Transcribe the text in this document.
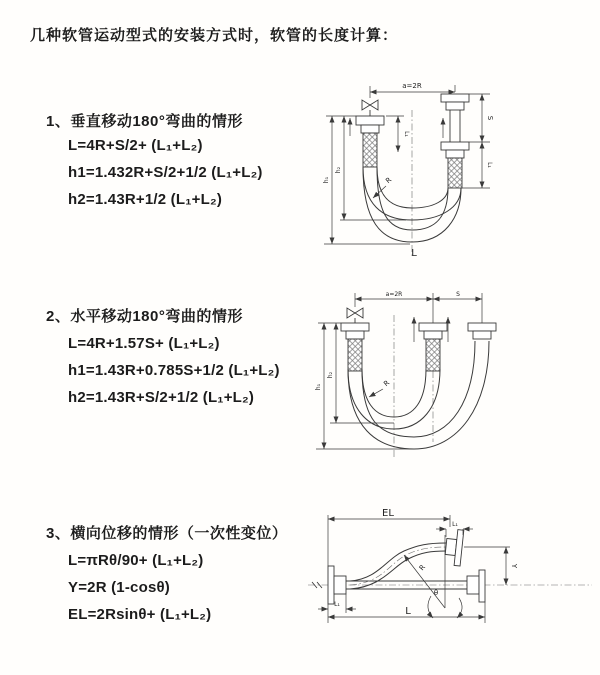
几种软管运动型式的安装方式时，软管的长度计算：
1、垂直移动180°弯曲的情形
L=4R+S/2+ (L₁+L₂)
h1=1.432R+S/2+1/2 (L₁+L₂)
h2=1.43R+1/2 (L₁+L₂)
2、水平移动180°弯曲的情形
L=4R+1.57S+ (L₁+L₂)
h1=1.43R+0.785S+1/2 (L₁+L₂)
h2=1.43R+S/2+1/2 (L₁+L₂)
3、横向位移的情形（一次性变位）
L=πRθ/90+ (L₁+L₂)
Y=2R (1-cosθ)
EL=2Rsinθ+ (L₁+L₂)
a=2R
L₁
S
L₁
h₁
h₂
R
L
a=2R	S
h₁
h₂
R
EL
L₁
Y
R
θ
L₁
L
